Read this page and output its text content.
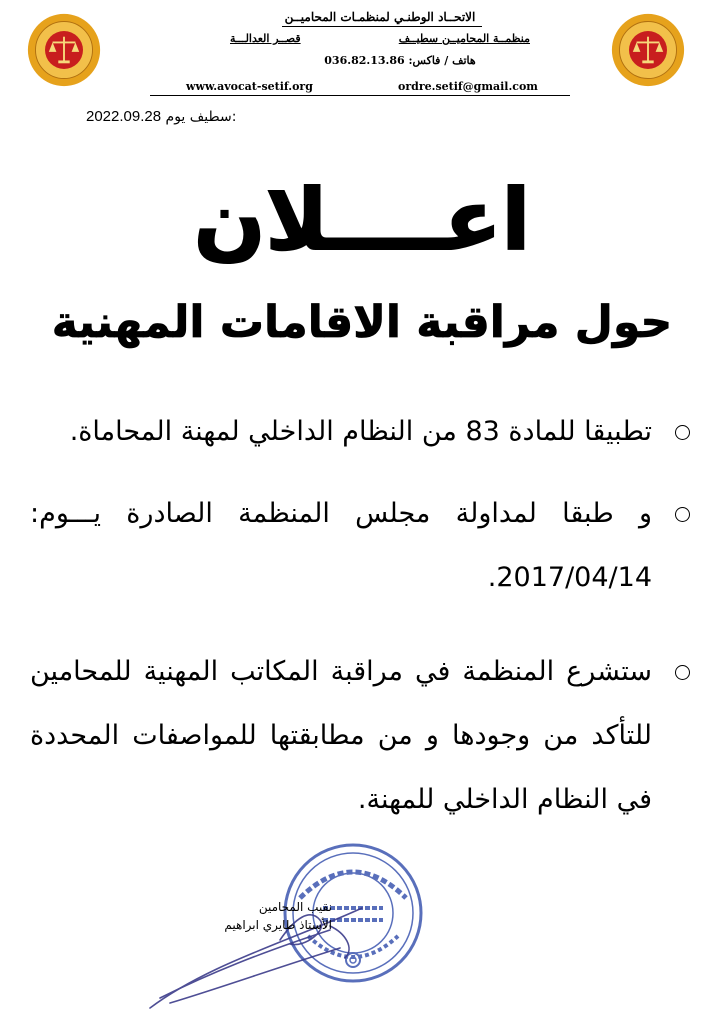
الاتحــاد الوطنـي لمنظمـات المحاميــن
منظمــة المحاميــن سطيــف
قصــر العدالـــة
هاتف / فاكس: 036.82.13.86
www.avocat-setif.org	ordre.setif@gmail.com
2022.09.28 سطيف يوم:
اعــــلان
حول مراقبة الاقامات المهنية
تطبيقا للمادة 83 من النظام الداخلي لمهنة المحاماة.
و طبقا لمداولة مجلس المنظمة الصادرة يـــوم: 2017/04/14.
ستشرع المنظمة في مراقبة المكاتب المهنية للمحامين للتأكد من وجودها و من مطابقتها للمواصفات المحددة في النظام الداخلي للمهنة.
نقيب المحامين
الأستاذ طايري ابراهيم
